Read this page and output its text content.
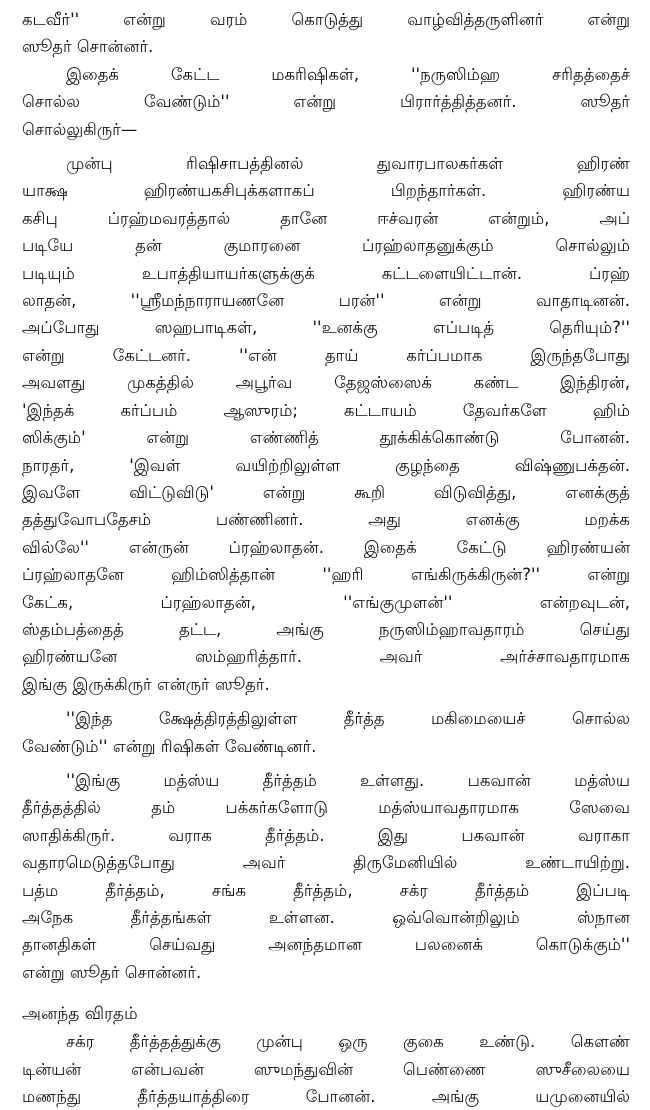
கடவீர்'' என்று வரம் கொடுத்து வாழ்வித்தருளினர் என்று

ஸூதர் சொன்னர்.

இதைக் கேட்ட மகரிஷிகள், ''நருஸிம்ஹ சரிதத்தைச்

சொல்ல வேண்டும்'' என்று பிரார்த்தித்தனர். ஸூதர்

சொல்லுகிருர்—

முன்பு ரிஷிசாபத்தினல் துவாரபாலகர்கள் ஹிரண்

யாக்ஷ ஹிரண்யகசிபுக்களாகப் பிறந்தார்கள். ஹிரண்ய

கசிபு ப்ரஹ்மவரத்தால் தானே ஈச்வரன் என்றும், அப்

படியே தன் குமாரனை ப்ரஹ்லாதனுக்கும் சொல்லும்

படியும் உபாத்தியாயர்களுக்குக் கட்டளையிட்டான். ப்ரஹ்

லாதன், ''ஸ்ரீமந்நாராயணனே பரன்'' என்று வாதாடினன்.

அப்போது ஸஹபாடிகள், ''உனக்கு எப்படித் தெரியும்?''

என்று கேட்டனர். ''என் தாய் கர்ப்பமாக இருந்தபோது

அவளது முகத்தில் அபூர்வ தேஜஸ்ஸைக் கண்ட இந்திரன்,

'இந்தக் கர்ப்பம் ஆஸுரம்; கட்டாயம் தேவர்களே ஹிம்

ஸிக்கும்' என்று எண்ணித் தூக்கிக்கொண்டு போனன்.

நாரதர், 'இவள் வயிற்றிலுள்ள குழந்தை விஷ்ணுபக்தன்.

இவளே விட்டுவிடு' என்று கூறி விடுவித்து, எனக்குத்

தத்துவோபதேசம் பண்ணினர். அது எனக்கு மறக்க

வில்லே'' என்ருன் ப்ரஹ்லாதன். இதைக் கேட்டு ஹிரண்யன்

ப்ரஹ்லாதனே ஹிம்ஸித்தான் ''ஹரி எங்கிருக்கிருன்?'' என்று

கேட்க, ப்ரஹ்லாதன், ''எங்குமுளன்'' என்றவுடன்,

ஸ்தம்பத்தைத் தட்ட, அங்கு நருஸிம்ஹாவதாரம் செய்து

ஹிரண்யனே ஸம்ஹரித்தார். அவர் அர்ச்சாவதாரமாக

இங்கு இருக்கிருர் என்ருர் ஸூதர்.

''இந்த க்ஷேத்திரத்திலுள்ள தீர்த்த மகிமையைச் சொல்ல

வேண்டும்'' என்று ரிஷிகள் வேண்டினர்.

''இங்கு மத்ஸ்ய தீர்த்தம் உள்ளது. பகவான் மத்ஸ்ய

தீர்த்தத்தில் தம் பக்கர்களோடு மத்ஸ்யாவதாரமாக ஸேவை

ஸாதிக்கிருர். வராக தீர்த்தம். இது பகவான் வராகா

வதாரமெடுத்தபோது அவர் திருமேனியில் உண்டாயிற்று.

பத்ம தீர்த்தம், சங்க தீர்த்தம், சக்ர தீர்த்தம் இப்படி

அநேக தீர்த்தங்கள் உள்ளன. ஒவ்வொன்றிலும் ஸ்நான

தானதிகள் செய்வது அனந்தமான பலனைக் கொடுக்கும்''

என்று ஸூதர் சொன்னர்.

அனந்த விரதம்

சக்ர தீர்த்தத்துக்கு முன்பு ஒரு குகை உண்டு. கௌண்

டின்யன் என்பவன் ஸுமந்துவின் பெண்ணை ஸுசீலையை

மணந்து தீர்த்தயாத்திரை போனன். அங்கு யமுனையில்
